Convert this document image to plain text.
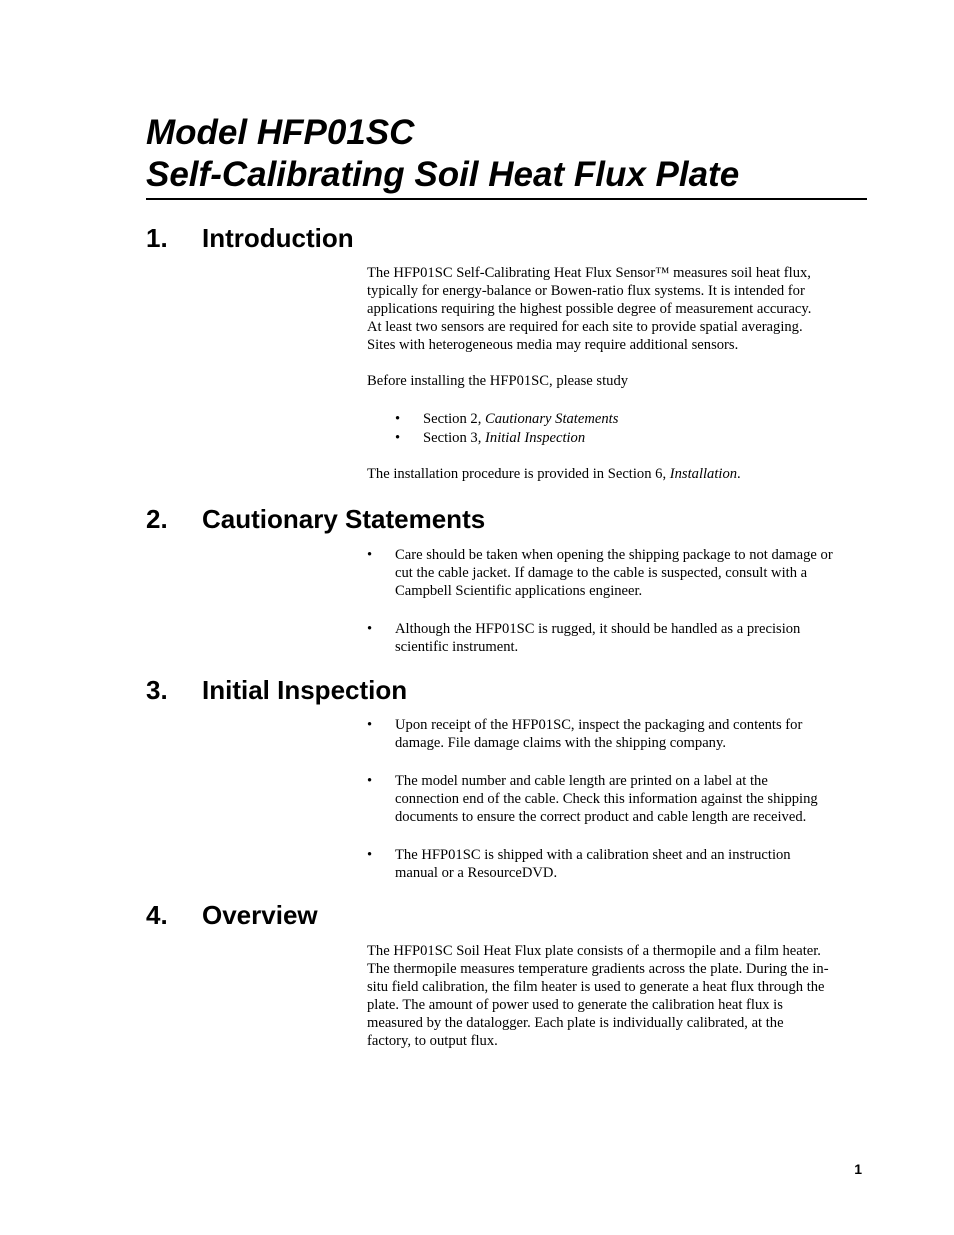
Model HFP01SC
Self-Calibrating Soil Heat Flux Plate
1. Introduction

The HFP01SC Self-Calibrating Heat Flux Sensor™ measures soil heat flux,

typically for energy-balance or Bowen-ratio flux systems. It is intended for

applications requiring the highest possible degree of measurement accuracy.

At least two sensors are required for each site to provide spatial averaging.

Sites with heterogeneous media may require additional sensors.

Before installing the HFP01SC, please study

• Section 2, Cautionary Statements

• Section 3, Initial Inspection

The installation procedure is provided in Section 6, Installation.

2. Cautionary Statements
• Care should be taken when opening the shipping package to not damage or
cut the cable jacket. If damage to the cable is suspected, consult with a
Campbell Scientific applications engineer.
• Although the HFP01SC is rugged, it should be handled as a precision
scientific instrument.
3. Initial Inspection
• Upon receipt of the HFP01SC, inspect the packaging and contents for
damage. File damage claims with the shipping company.
• The model number and cable length are printed on a label at the
connection end of the cable. Check this information against the shipping
documents to ensure the correct product and cable length are received.
• The HFP01SC is shipped with a calibration sheet and an instruction
manual or a ResourceDVD.
4. Overview

The HFP01SC Soil Heat Flux plate consists of a thermopile and a film heater.

The thermopile measures temperature gradients across the plate. During the in-

situ field calibration, the film heater is used to generate a heat flux through the

plate. The amount of power used to generate the calibration heat flux is

measured by the datalogger. Each plate is individually calibrated, at the

factory, to output flux.

1
